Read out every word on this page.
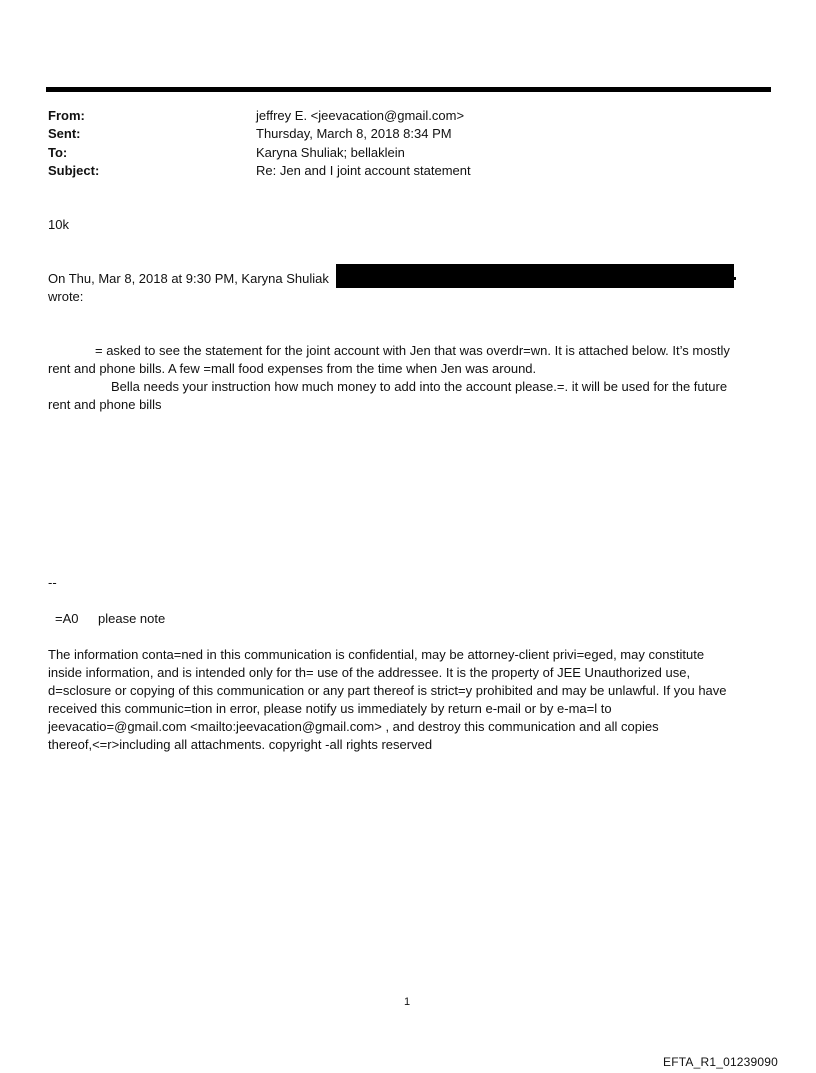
From:	jeffrey E. <jeevacation@gmail.com>
Sent:	Thursday, March 8, 2018 8:34 PM
To:	Karyna Shuliak; bellaklein
Subject:	Re: Jen and I joint account statement
10k
On Thu, Mar 8, 2018 at 9:30 PM, Karyna Shuliak
wrote:
= asked to see the statement for the joint account with Jen that was overdr=wn. It is attached below. It’s mostly
rent and phone bills. A few =mall food expenses from the time when Jen was around.
Bella needs your instruction how much money to add into the account please.=. it will be used for the future
rent and phone bills
--
=A0 please note
The information conta=ned in this communication is confidential, may be attorney-client privi=eged, may constitute
inside information, and is intended only for th= use of the addressee. It is the property of JEE Unauthorized use,
d=sclosure or copying of this communication or any part thereof is strict=y prohibited and may be unlawful. If you have
received this communic=tion in error, please notify us immediately by return e-mail or by e-ma=l to
jeevacatio=@gmail.com <mailto:jeevacation@gmail.com> , and destroy this communication and all copies
thereof,<=r>including all attachments. copyright -all rights reserved
1
EFTA_R1_01239090
